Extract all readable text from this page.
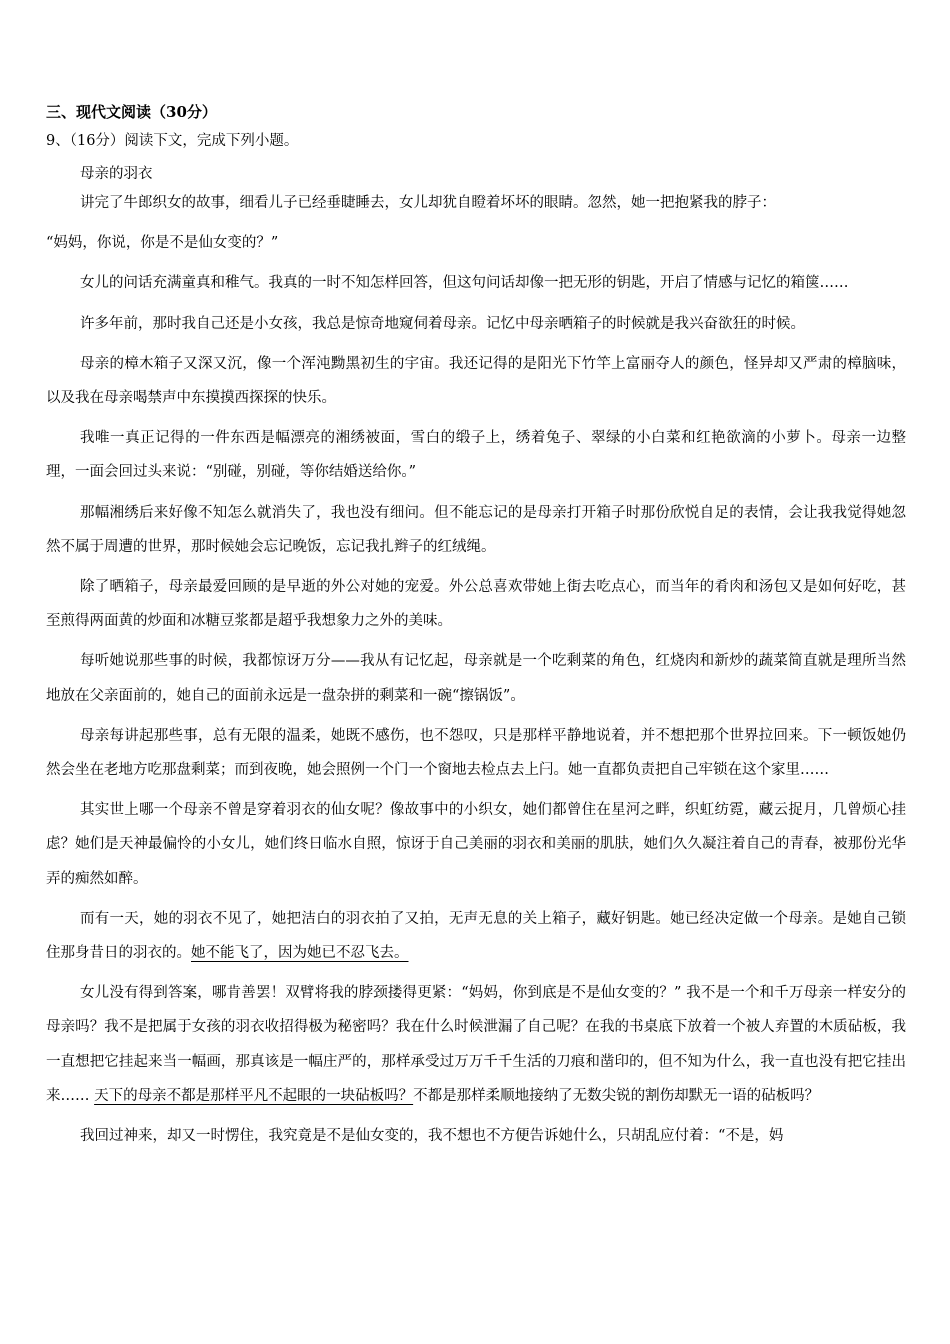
三、现代文阅读（30分）

9、（16分）阅读下文，完成下列小题。

母亲的羽衣

讲完了牛郎织女的故事，细看儿子已经垂睫睡去，女儿却犹自瞪着坏坏的眼睛。忽然，她一把抱紧我的脖子：

“妈妈，你说，你是不是仙女变的？”

女儿的问话充满童真和稚气。我真的一时不知怎样回答，但这句问话却像一把无形的钥匙，开启了情感与记忆的箱箧……

许多年前，那时我自己还是小女孩，我总是惊奇地窥伺着母亲。记忆中母亲晒箱子的时候就是我兴奋欲狂的时候。

母亲的樟木箱子又深又沉，像一个浑沌黝黑初生的宇宙。我还记得的是阳光下竹竿上富丽夺人的颜色，怪异却又严肃的樟脑味，以及我在母亲喝禁声中东摸摸西探探的快乐。

我唯一真正记得的一件东西是幅漂亮的湘绣被面，雪白的缎子上，绣着兔子、翠绿的小白菜和红艳欲滴的小萝卜。母亲一边整理，一面会回过头来说：“别碰，别碰，等你结婚送给你。”

那幅湘绣后来好像不知怎么就消失了，我也没有细问。但不能忘记的是母亲打开箱子时那份欣悦自足的表情，会让我我觉得她忽然不属于周遭的世界，那时候她会忘记晚饭，忘记我扎辫子的红绒绳。

除了晒箱子，母亲最爱回顾的是早逝的外公对她的宠爱。外公总喜欢带她上街去吃点心，而当年的肴肉和汤包又是如何好吃，甚至煎得两面黄的炒面和冰糖豆浆都是超乎我想象力之外的美味。

每听她说那些事的时候，我都惊讶万分——我从有记忆起，母亲就是一个吃剩菜的角色，红烧肉和新炒的蔬菜简直就是理所当然地放在父亲面前的，她自己的面前永远是一盘杂拼的剩菜和一碗“擦锅饭”。

母亲每讲起那些事，总有无限的温柔，她既不感伤，也不怨叹，只是那样平静地说着，并不想把那个世界拉回来。下一顿饭她仍然会坐在老地方吃那盘剩菜；而到夜晚，她会照例一个门一个窗地去检点去上闩。她一直都负责把自己牢锁在这个家里……

其实世上哪一个母亲不曾是穿着羽衣的仙女呢？像故事中的小织女，她们都曾住在星河之畔，织虹纺霓，藏云捉月，几曾烦心挂虑？她们是天神最偏怜的小女儿，她们终日临水自照，惊讶于自己美丽的羽衣和美丽的肌肤，她们久久凝注着自己的青春，被那份光华弄的痴然如醉。

而有一天，她的羽衣不见了，她把洁白的羽衣拍了又拍，无声无息的关上箱子，藏好钥匙。她已经决定做一个母亲。是她自己锁住那身昔日的羽衣的。她不能飞了，因为她已不忍飞去。

女儿没有得到答案，哪肯善罢！双臂将我的脖颈搂得更紧：“妈妈，你到底是不是仙女变的？” 我不是一个和千万母亲一样安分的母亲吗？我不是把属于女孩的羽衣收招得极为秘密吗？我在什么时候泄漏了自己呢？在我的书桌底下放着一个被人弃置的木质砧板，我一直想把它挂起来当一幅画，那真该是一幅庄严的，那样承受过万万千千生活的刀痕和凿印的，但不知为什么，我一直也没有把它挂出来…… 天下的母亲不都是那样平凡不起眼的一块砧板吗？不都是那样柔顺地接纳了无数尖锐的割伤却默无一语的砧板吗？

我回过神来，却又一时愣住，我究竟是不是仙女变的，我不想也不方便告诉她什么，只胡乱应付着：“不是，妈
